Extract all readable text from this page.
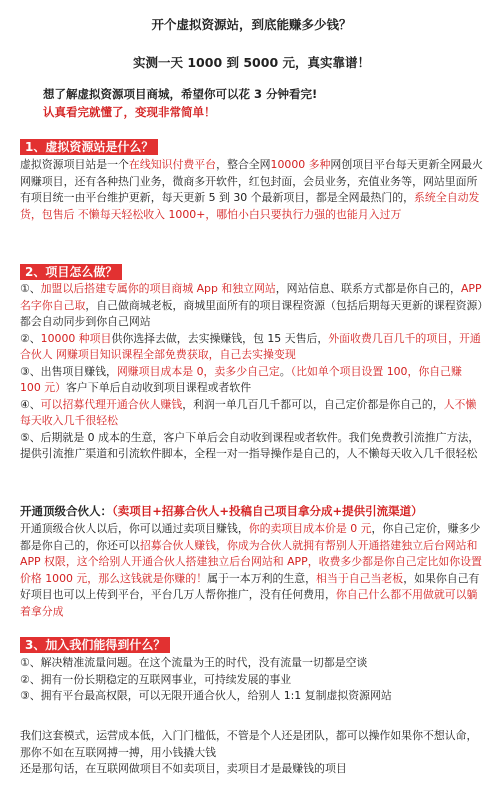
开个虚拟资源站，到底能赚多少钱？
实测一天 1000 到 5000 元，真实靠谱！
想了解虚拟资源项目商城，希望你可以花 3 分钟看完!
认真看完就懂了，变现非常简单！
1、虚拟资源站是什么？

虚拟资源项目站是一个在线知识付费平台，整合全网10000 多种网创项目平台每天更新全网最火网赚项目，还有各种热门业务，微商多开软件，红包封面，会员业务，充值业务等，网站里面所有项目统一由平台维护更新，每天更新 5 到 30 个最新项目，都是全网最热门的，系统全自动发货，包售后 不懒每天轻松收入 1000+，哪怕小白只要执行力强的也能月入过万

2、项目怎么做？

①、加盟以后搭建专属你的项目商城 App 和独立网站，网站信息、联系方式都是你自己的，APP 名字你自己取，自己做商城老板，商城里面所有的项目课程资源（包括后期每天更新的课程资源）都会自动同步到你自己网站

②、10000 种项目供你选择去做，去实操赚钱，包 15 天售后，外面收费几百几千的项目，开通合伙人 网赚项目知识课程全部免费获取，自己去实操变现

③、出售项目赚钱，网赚项目成本是 0，卖多少自己定。（比如单个项目设置 100，你自己赚 100 元）客户下单后自动收到项目课程或者软件

④、可以招募代理开通合伙人赚钱，利润一单几百几千都可以，自己定价都是你自己的，人不懒每天收入几千很轻松

⑤、后期就是 0 成本的生意，客户下单后会自动收到课程或者软件。我们免费教引流推广方法，提供引流推广渠道和引流软件脚本，全程一对一指导操作是自己的，人不懒每天收入几千很轻松

开通顶级合伙人：（卖项目+招募合伙人+投稿自己项目拿分成+提供引流渠道）

开通顶级合伙人以后，你可以通过卖项目赚钱，你的卖项目成本价是 0 元，你自己定价，赚多少都是你自己的，你还可以招募合伙人赚钱，你成为合伙人就拥有帮别人开通搭建独立后台网站和 APP 权限，这个给别人开通合伙人搭建独立后台网站和 APP，收费多少都是你自己定比如你设置价格 1000 元，那么这钱就是你赚的！属于一本万利的生意，相当于自己当老板，如果你自己有好项目也可以上传到平台，平台几万人帮你推广，没有任何费用，你自己什么都不用做就可以躺着拿分成

3、加入我们能得到什么？

①、解决精准流量问题。在这个流量为王的时代，没有流量一切都是空谈

②、拥有一份长期稳定的互联网事业，可持续发展的事业

③、拥有平台最高权限，可以无限开通合伙人，给别人 1:1 复制虚拟资源网站

我们这套模式，运营成本低，入门门槛低，不管是个人还是团队，都可以操作如果你不想认命，那你不如在互联网搏一搏，用小钱撬大钱

还是那句话，在互联网做项目不如卖项目，卖项目才是最赚钱的项目
